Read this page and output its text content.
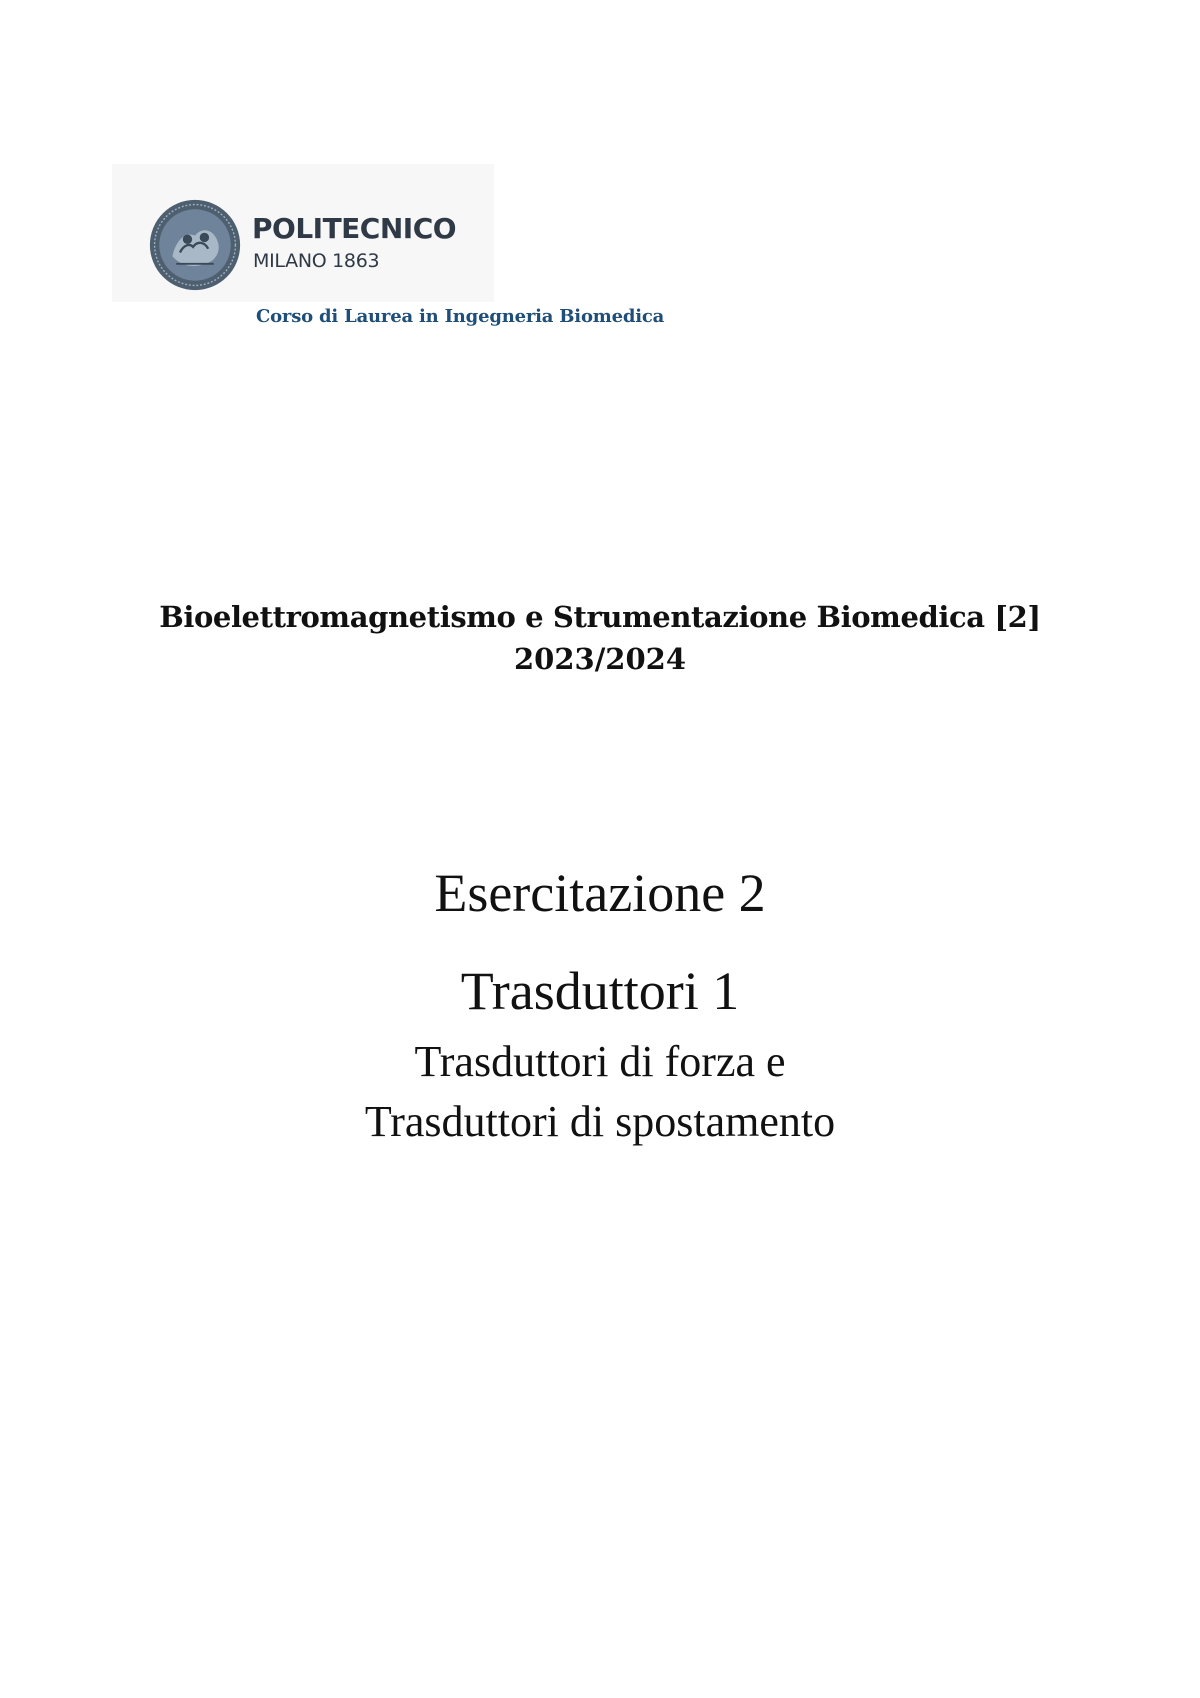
POLITECNICO
MILANO 1863
Corso di Laurea in Ingegneria Biomedica
Bioelettromagnetismo e Strumentazione Biomedica [2]
2023/2024
Esercitazione 2
Trasduttori 1
Trasduttori di forza e
Trasduttori di spostamento
